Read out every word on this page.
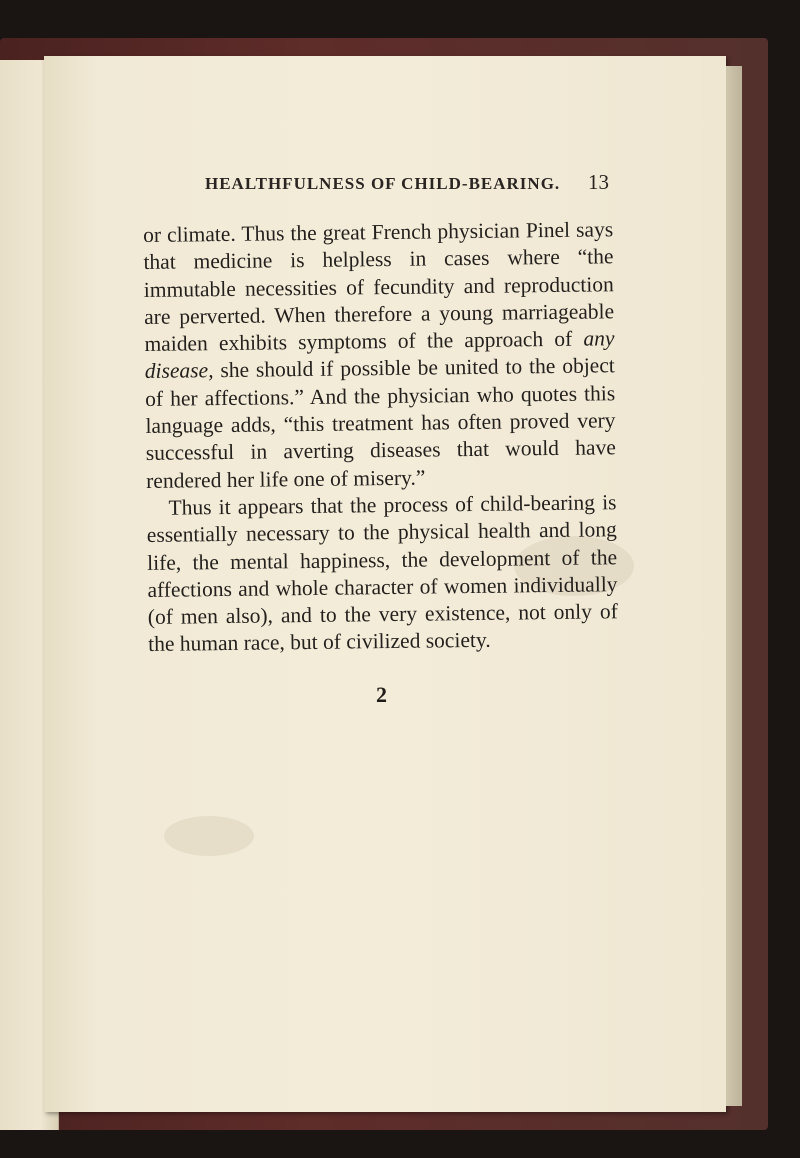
HEALTHFULNESS OF CHILD-BEARING.	13

or climate. Thus the great French physician Pinel says that medicine is helpless in cases where “the immutable necessities of fecundity and reproduction are perverted. When therefore a young marriageable maiden exhibits symptoms of the approach of any disease, she should if possible be united to the object of her affections.” And the physician who quotes this language adds, “this treatment has often proved very successful in averting diseases that would have rendered her life one of misery.”

Thus it appears that the process of child-bearing is essentially necessary to the physical health and long life, the mental happiness, the development of the affections and whole character of women individually (of men also), and to the very existence, not only of the human race, but of civilized society.

2
